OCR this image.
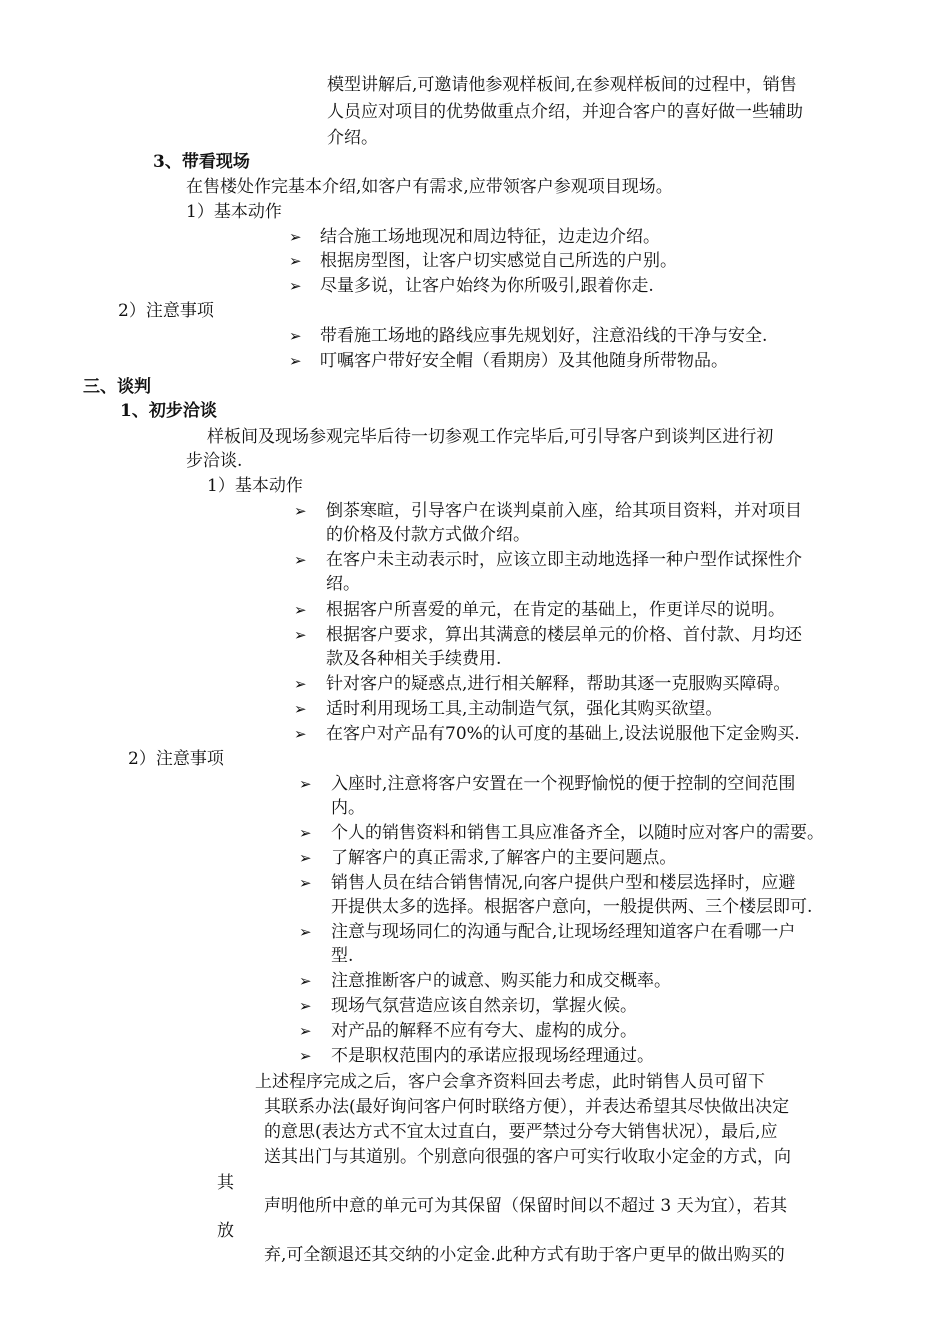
模型讲解后,可邀请他参观样板间,在参观样板间的过程中，销售
人员应对项目的优势做重点介绍，并迎合客户的喜好做一些辅助
介绍。
3、带看现场
在售楼处作完基本介绍,如客户有需求,应带领客户参观项目现场。
1）基本动作
➢ 结合施工场地现况和周边特征，边走边介绍。
➢ 根据房型图，让客户切实感觉自己所选的户别。
➢ 尽量多说，让客户始终为你所吸引,跟着你走.
2）注意事项
➢ 带看施工场地的路线应事先规划好，注意沿线的干净与安全.
➢ 叮嘱客户带好安全帽（看期房）及其他随身所带物品。
三、谈判
1、初步洽谈
样板间及现场参观完毕后待一切参观工作完毕后,可引导客户到谈判区进行初
步洽谈.
1）基本动作
➢ 倒茶寒暄，引导客户在谈判桌前入座，给其项目资料，并对项目
的价格及付款方式做介绍。
➢ 在客户未主动表示时，应该立即主动地选择一种户型作试探性介
绍。
➢ 根据客户所喜爱的单元，在肯定的基础上，作更详尽的说明。
➢ 根据客户要求，算出其满意的楼层单元的价格、首付款、月均还
款及各种相关手续费用.
➢ 针对客户的疑惑点,进行相关解释，帮助其逐一克服购买障碍。
➢ 适时利用现场工具,主动制造气氛，强化其购买欲望。
➢ 在客户对产品有70%的认可度的基础上,设法说服他下定金购买.
2）注意事项
➢ 入座时,注意将客户安置在一个视野愉悦的便于控制的空间范围
内。
➢ 个人的销售资料和销售工具应准备齐全，以随时应对客户的需要。
➢ 了解客户的真正需求,了解客户的主要问题点。
➢ 销售人员在结合销售情况,向客户提供户型和楼层选择时，应避
开提供太多的选择。根据客户意向，一般提供两、三个楼层即可.
➢ 注意与现场同仁的沟通与配合,让现场经理知道客户在看哪一户
型.
➢ 注意推断客户的诚意、购买能力和成交概率。
➢ 现场气氛营造应该自然亲切，掌握火候。
➢ 对产品的解释不应有夸大、虚构的成分。
➢ 不是职权范围内的承诺应报现场经理通过。
上述程序完成之后，客户会拿齐资料回去考虑，此时销售人员可留下
其联系办法(最好询问客户何时联络方便），并表达希望其尽快做出决定
的意思(表达方式不宜太过直白，要严禁过分夸大销售状况），最后,应
送其出门与其道别。个别意向很强的客户可实行收取小定金的方式，向
其
声明他所中意的单元可为其保留（保留时间以不超过 3 天为宜），若其
放
弃,可全额退还其交纳的小定金.此种方式有助于客户更早的做出购买的
